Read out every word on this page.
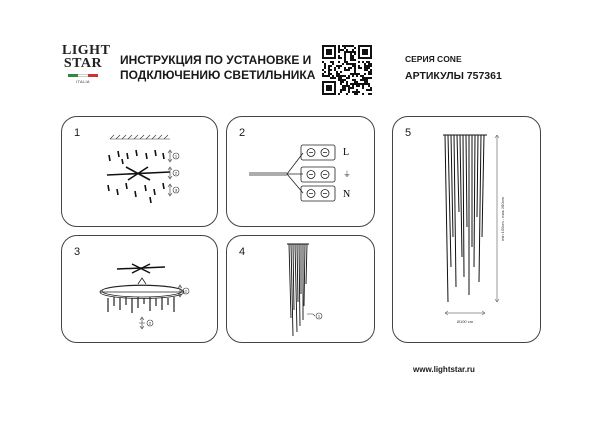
LIGHT
STAR
ITALIA
ИНСТРУКЦИЯ ПО УСТАНОВКЕ И
ПОДКЛЮЧЕНИЮ СВЕТИЛЬНИКА
СЕРИЯ CONE
АРТИКУЛЫ 757361
1
1
2
3
2
L
⏚
N
3
1
2
4
1
5
min 150cm - max 280cm
Ø100 cm
www.lightstar.ru
